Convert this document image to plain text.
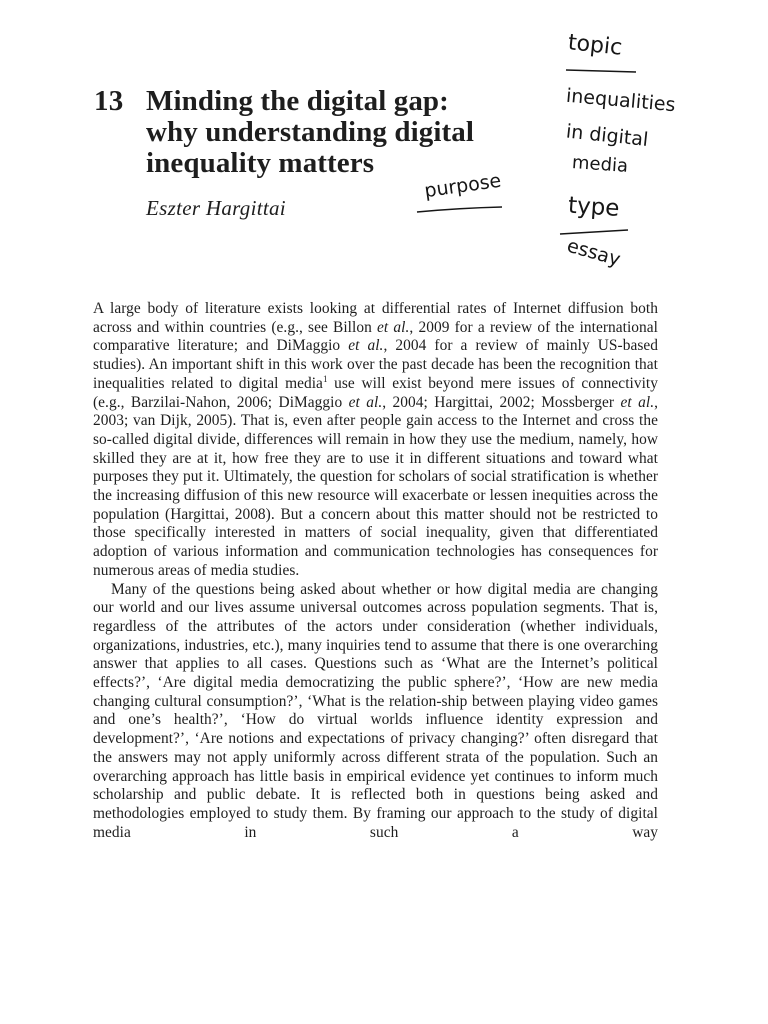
13 Minding the digital gap:
why understanding digital
inequality matters
Eszter Hargittai
topic
inequalities
in digital
media
purpose
type
essay

A large body of literature exists looking at differential rates of Internet diffusion both across and within countries (e.g., see Billon et al., 2009 for a review of the international comparative literature; and DiMaggio et al., 2004 for a review of mainly US-based studies). An important shift in this work over the past decade has been the recognition that inequalities related to digital media$^1$ use will exist beyond mere issues of connectivity (e.g., Barzilai-Nahon, 2006; DiMaggio et al., 2004; Hargittai, 2002; Mossberger et al., 2003; van Dijk, 2005). That is, even after people gain access to the Internet and cross the so-called digital divide, differences will remain in how they use the medium, namely, how skilled they are at it, how free they are to use it in different situations and toward what purposes they put it. Ultimately, the question for scholars of social stratification is whether the increasing diffusion of this new resource will exacerbate or lessen inequities across the population (Hargittai, 2008). But a concern about this matter should not be restricted to those specifically interested in matters of social inequality, given that differentiated adoption of various information and communication technologies has consequences for numerous areas of media studies.

Many of the questions being asked about whether or how digital media are changing our world and our lives assume universal outcomes across population segments. That is, regardless of the attributes of the actors under consideration (whether individuals, organizations, industries, etc.), many inquiries tend to assume that there is one overarching answer that applies to all cases. Questions such as ‘What are the Internet’s political effects?’, ‘Are digital media democratizing the public sphere?’, ‘How are new media changing cultural consumption?’, ‘What is the relation-ship between playing video games and one’s health?’, ‘How do virtual worlds influence identity expression and development?’, ‘Are notions and expectations of privacy changing?’ often disregard that the answers may not apply uniformly across different strata of the population. Such an overarching approach has little basis in empirical evidence yet continues to inform much scholarship and public debate. It is reflected both in questions being asked and methodologies employed to study them. By framing our approach to the study of digital media in such a way
